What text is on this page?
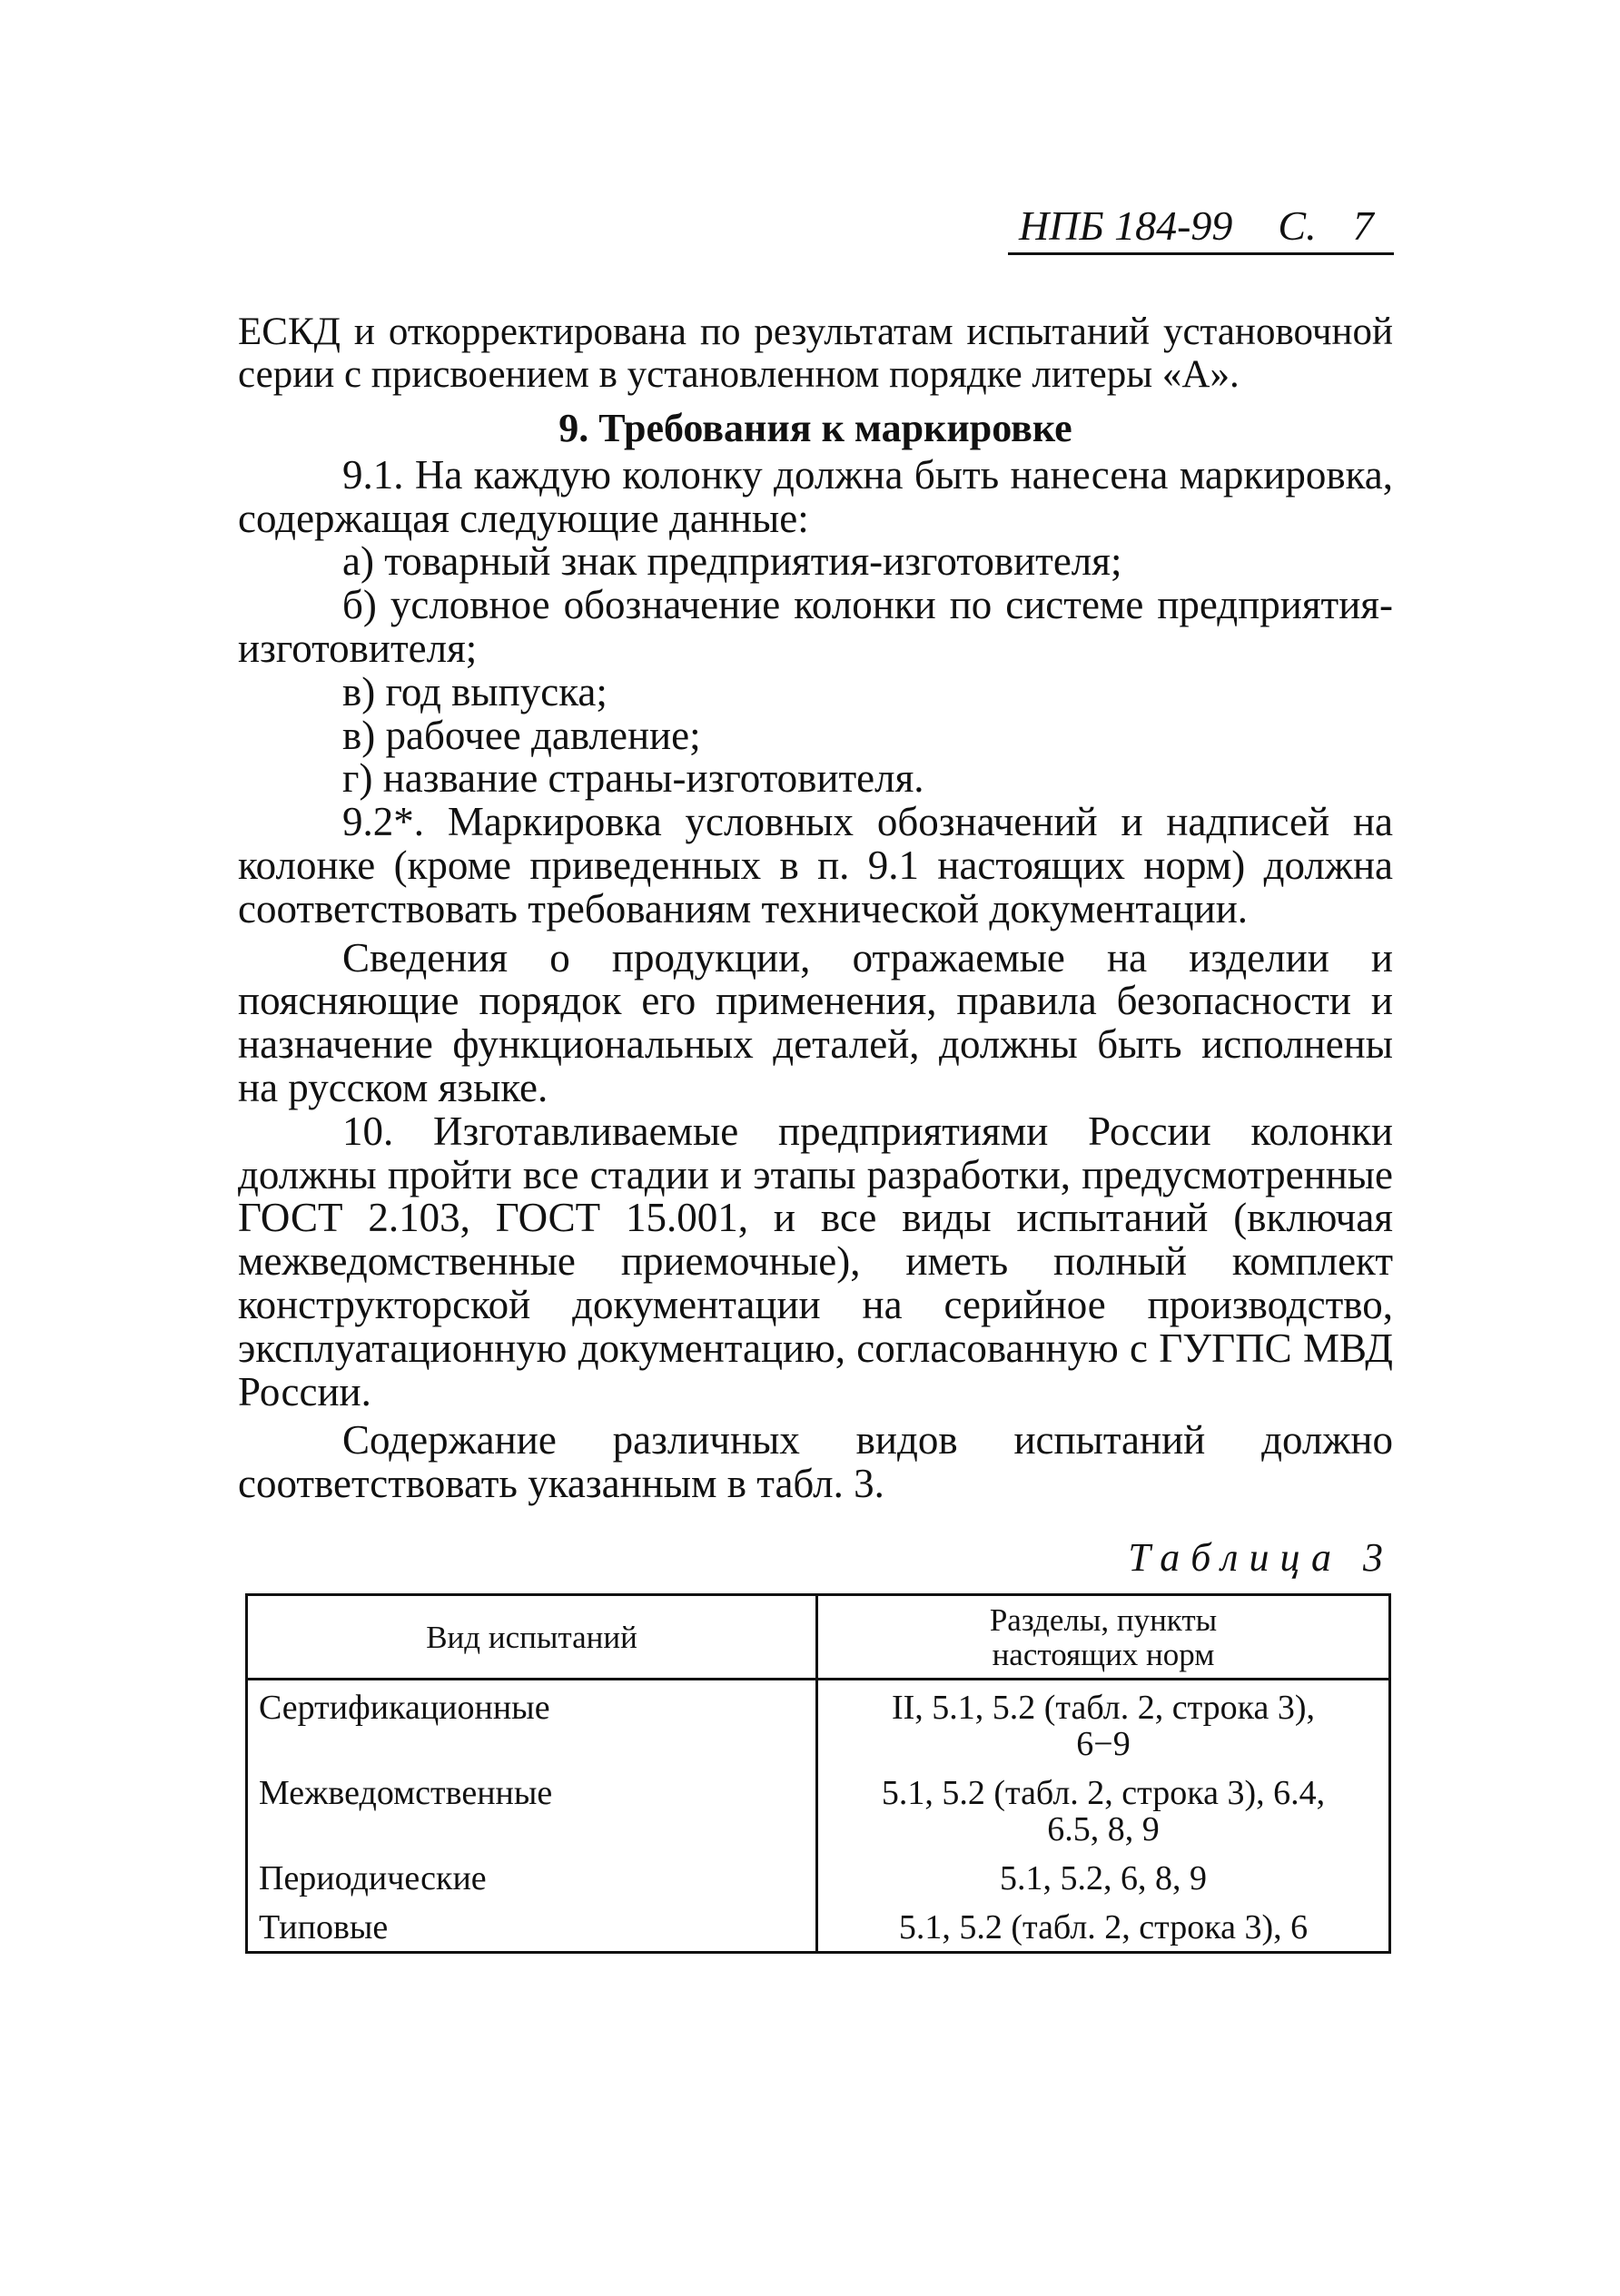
НПБ 184-99 С. 7

ЕСКД и откорректирована по результатам испытаний установочной серии с присвоением в установленном порядке литеры «А».

9. Требования к маркировке

9.1. На каждую колонку должна быть нанесена маркировка, содержащая следующие данные:

а) товарный знак предприятия-изготовителя;

б) условное обозначение колонки по системе предприятия-изготовителя;

в) год выпуска;

в) рабочее давление;

г) название страны-изготовителя.

9.2*. Маркировка условных обозначений и надписей на колонке (кроме приведенных в п. 9.1 настоящих норм) должна соответствовать требованиям технической документации.

Сведения о продукции, отражаемые на изделии и поясняющие порядок его применения, правила безопасности и назначение функциональных деталей, должны быть исполнены на русском языке.

10. Изготавливаемые предприятиями России колонки должны пройти все стадии и этапы разработки, предусмотренные ГОСТ 2.103, ГОСТ 15.001, и все виды испытаний (включая межведомственные приемочные), иметь полный комплект конструкторской документации на серийное производство, эксплуатационную документацию, согласованную с ГУГПС МВД России.

Содержание различных видов испытаний должно соответствовать указанным в табл. 3.

Таблица 3
Вид испытаний	Разделы, пункты
настоящих норм

Сертификационные	II, 5.1, 5.2 (табл. 2, строка 3),
6−9

Межведомственные	5.1, 5.2 (табл. 2, строка 3), 6.4,
6.5, 8, 9

Периодические	5.1, 5.2, 6, 8, 9

Типовые	5.1, 5.2 (табл. 2, строка 3), 6
